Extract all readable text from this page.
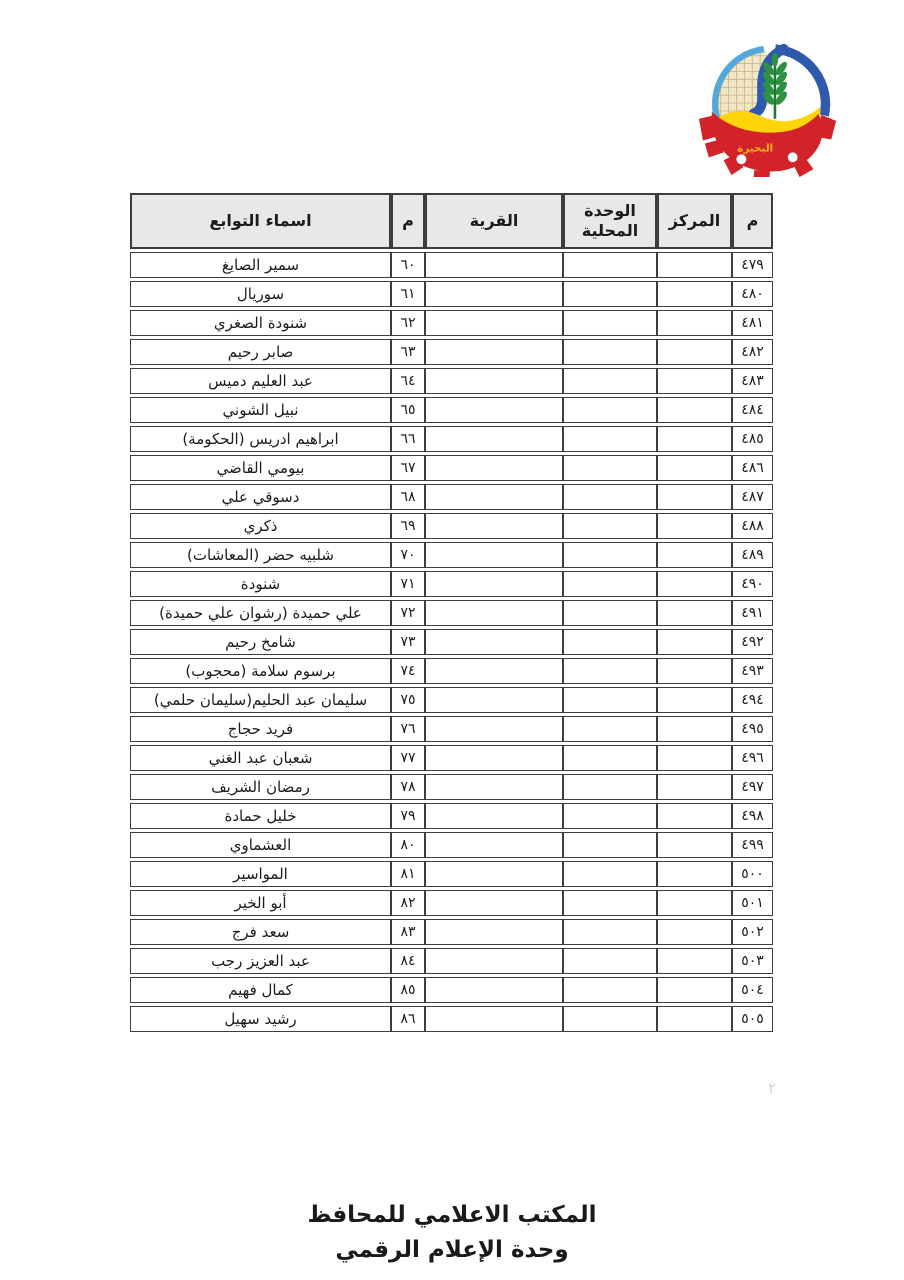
البحيرة
م	المركز	الوحدة المحلية	القرية	م	اسماء التوابع
٤٧٩				٦٠	سمير الصايغ
٤٨٠				٦١	سوريال
٤٨١				٦٢	شنودة الصغري
٤٨٢				٦٣	صابر رحيم
٤٨٣				٦٤	عبد العليم دميس
٤٨٤				٦٥	نبيل الشوني
٤٨٥				٦٦	ابراهيم ادريس (الحكومة)
٤٨٦				٦٧	بيومي القاضي
٤٨٧				٦٨	دسوقي علي
٤٨٨				٦٩	ذكري
٤٨٩				٧٠	شلبيه حضر (المعاشات)
٤٩٠				٧١	شنودة
٤٩١				٧٢	علي حميدة (رشوان علي حميدة)
٤٩٢				٧٣	شامخ رحيم
٤٩٣				٧٤	برسوم سلامة (محجوب)
٤٩٤				٧٥	سليمان عبد الحليم(سليمان حلمي)
٤٩٥				٧٦	فريد حجاج
٤٩٦				٧٧	شعبان عبد الغني
٤٩٧				٧٨	رمضان الشريف
٤٩٨				٧٩	خليل حمادة
٤٩٩				٨٠	العشماوي
٥٠٠				٨١	المواسير
٥٠١				٨٢	أبو الخير
٥٠٢				٨٣	سعد فرج
٥٠٣				٨٤	عبد العزيز رجب
٥٠٤				٨٥	كمال فهيم
٥٠٥				٨٦	رشيد سهيل
٢
المكتب الاعلامي للمحافظ
وحدة الإعلام الرقمي
